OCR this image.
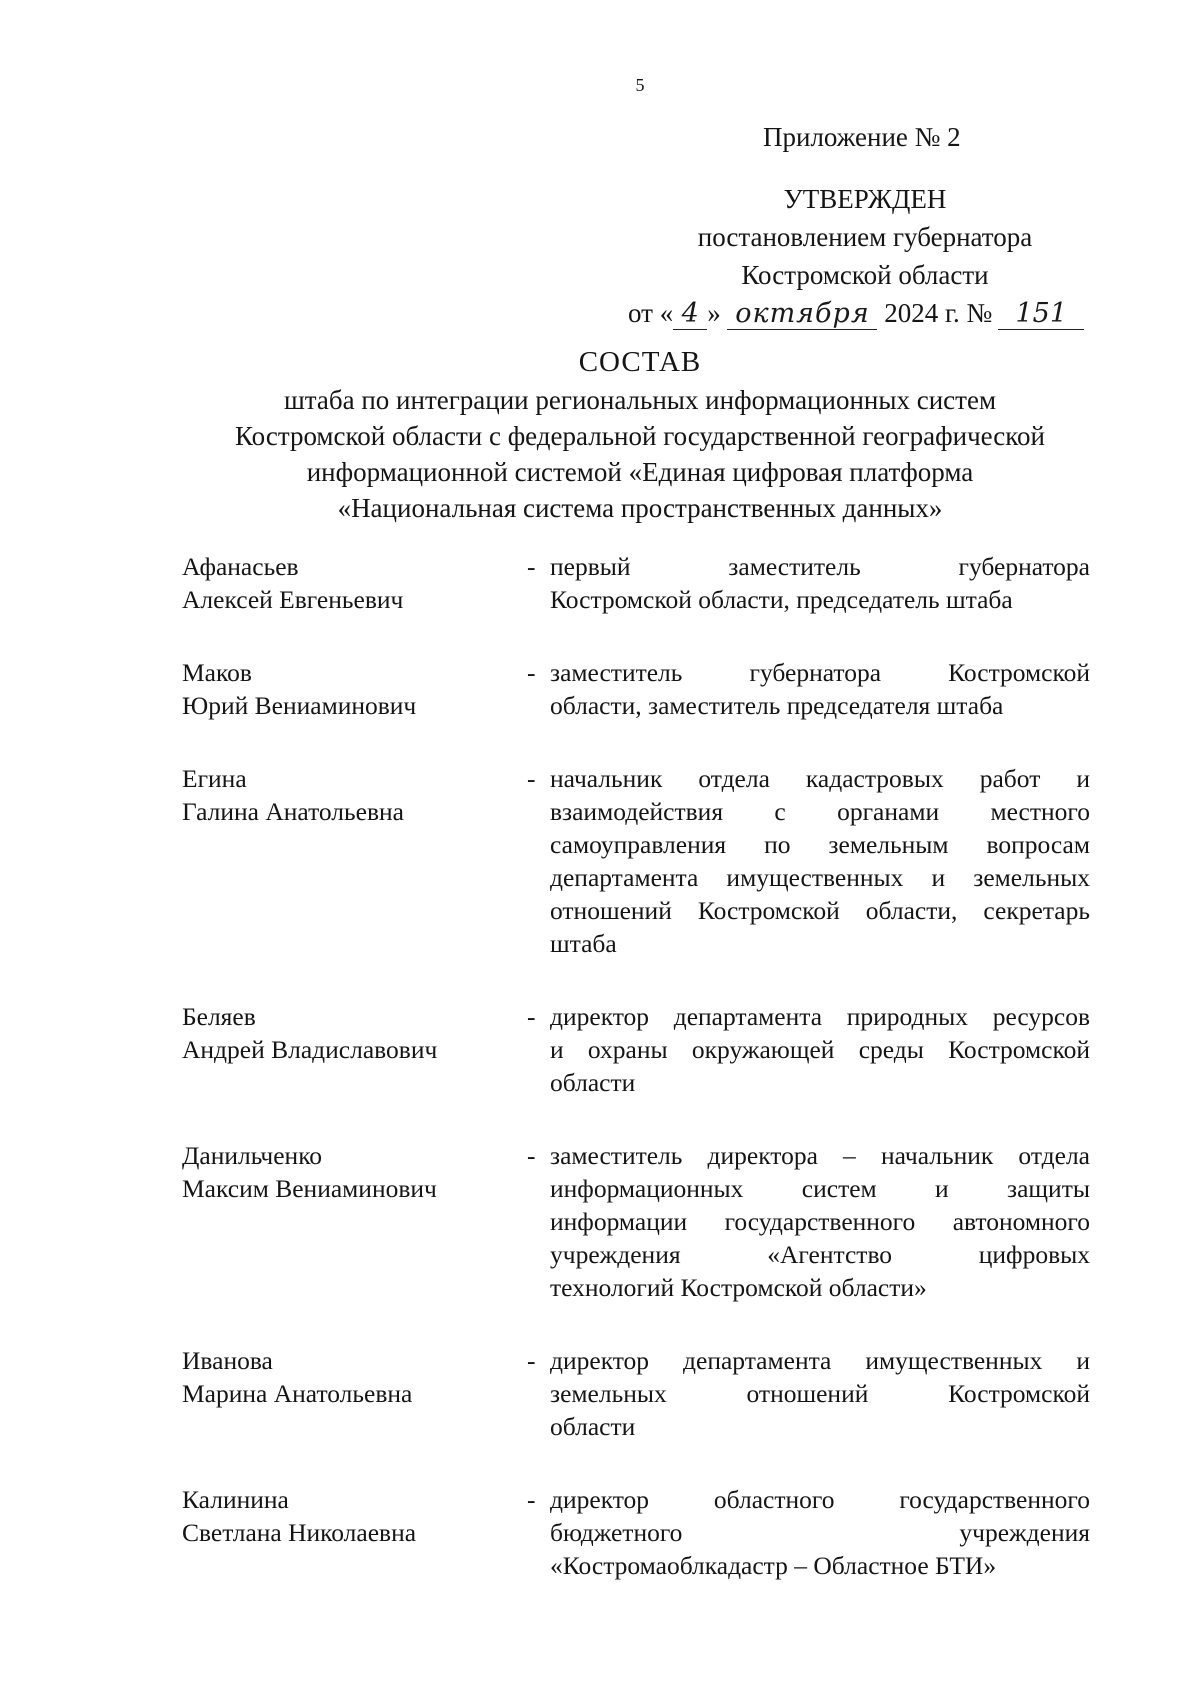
5
Приложение № 2
УТВЕРЖДЕН
постановлением губернатора
Костромской области
от « 4 » октября 2024 г. № 151
СОСТАВ
штаба по интеграции региональных информационных систем
Костромской области с федеральной государственной географической
информационной системой «Единая цифровая платформа
«Национальная система пространственных данных»
Афанасьев
Алексей Евгеньевич
- первый заместитель губернатора
Костромской области, председатель штаба
Маков
Юрий Вениаминович
- заместитель губернатора Костромской
области, заместитель председателя штаба
Егина
Галина Анатольевна
- начальник отдела кадастровых работ и
взаимодействия с органами местного
самоуправления по земельным вопросам
департамента имущественных и земельных
отношений Костромской области, секретарь
штаба
Беляев
Андрей Владиславович
- директор департамента природных ресурсов
и охраны окружающей среды Костромской
области
Данильченко
Максим Вениаминович
- заместитель директора – начальник отдела
информационных систем и защиты
информации государственного автономного
учреждения «Агентство цифровых
технологий Костромской области»
Иванова
Марина Анатольевна
- директор департамента имущественных и
земельных отношений Костромской
области
Калинина
Светлана Николаевна
- директор областного государственного
бюджетного учреждения
«Костромаоблкадастр – Областное БТИ»
